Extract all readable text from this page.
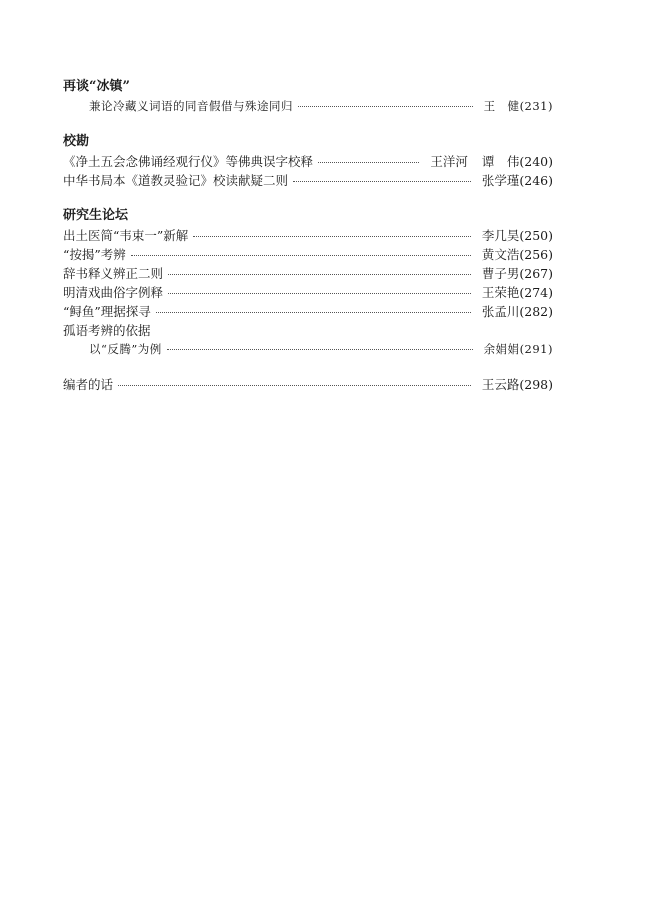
再谈“冰镇”
兼论冷藏义词语的同音假借与殊途同归	王　健 (231)
校勘
《净土五会念佛诵经观行仪》等佛典误字校释	王洋河 谭　伟 (240)
中华书局本《道教灵验记》校读献疑二则	张学瑾 (246)
研究生论坛
出土医简“韦束一”新解	李几昊 (250)
“按揭”考辨	黄文浩 (256)
辞书释义辨正二则	曹子男 (267)
明清戏曲俗字例释	王荣艳 (274)
“鲟鱼”理据探寻	张孟川 (282)
孤语考辨的依据
以“反腾”为例	余娟娟 (291)
编者的话	王云路 (298)
